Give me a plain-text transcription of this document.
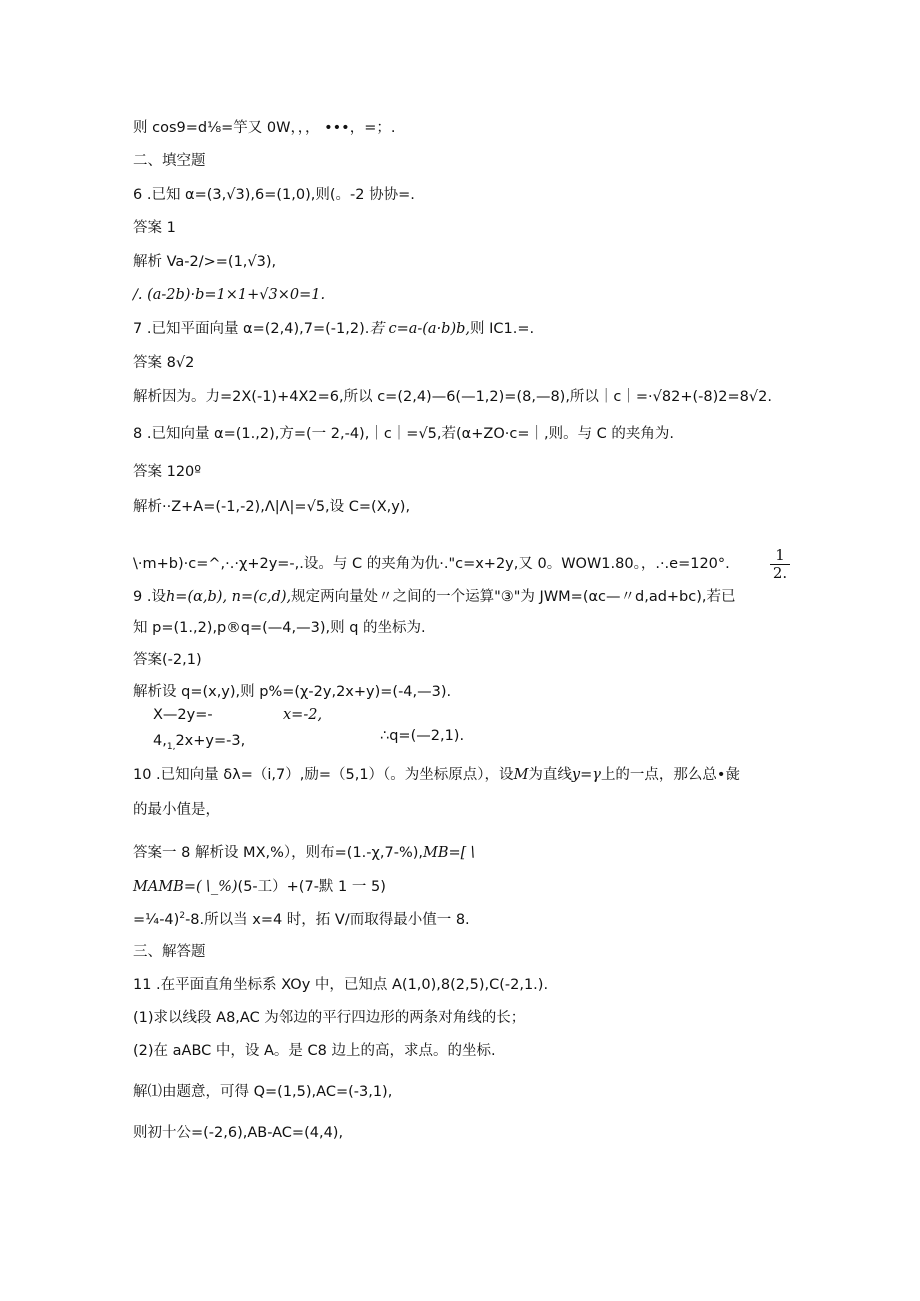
则 cos9=d⅛=竽又 0W，，， •••，=；.
二、填空题
6 .已知 α=(3,√3),6=(1,0),则(。-2 协协=.
答案 1
解析 Va-2∕>=(1,√3),
∕. (a-2b)·b=1×1+√3×0=1.
7 .已知平面向量 α=(2,4),7=(-1,2).若 c=a-(a·b)b,则 IC1.=.
答案 8√2
解析因为。力=2X(-1)+4X2=6,所以 c=(2,4)—6(—1,2)=(8,—8),所以｜c｜=·√82+(-8)2=8√2.
8 .已知向量 α=(1.,2),方=(一 2,-4),｜c｜=√5,若(α+ZO·c=｜,则。与 C 的夹角为.
答案 120º
解析··Z+A=(-1,-2),Λ|Λ|=√5,设 C=(X,y),
\·m+b)·c=^,·.·χ+2y=-,.设。与 C 的夹角为仇·."c=x+2y,又 0。WOW1.80。，.·.e=120°.	1
2.
9 .设h=(α,b), n=(c,d),规定两向量处〃之间的一个运算"③"为 JWM=(αc—〃d,ad+bc),若已
知 p=(1.,2),p®q=(—4,—3),则 q 的坐标为.
答案(-2,1)
解析设 q=(x,y),则 p%=(χ-2y,2x+y)=(-4,—3).
X—2y=-	x=-2,
$4,_{1,}2x+y=-3$,	∴q=(—2,1).
10 .已知向量 δλ=（i,7）,励=（5,1）（。为坐标原点），设M为直线y=γ上的一点，那么总•彘
的最小值是，
答案一 8 解析设 MX,%），则布=(1.-χ,7-%),MB=[∖
MAMB=(∖_%)(5-工）+(7-默 1 一 5)
=¼-4)$^2$-8.所以当 x=4 时，拓 V/而取得最小值一 8.
三、解答题
11 .在平面直角坐标系 XOy 中，已知点 A(1,0),8(2,5),C(-2,1.).
(1)求以线段 A8,AC 为邻边的平行四边形的两条对角线的长；
(2)在 aABC 中，设 A。是 C8 边上的高，求点。的坐标.
解⑴由题意，可得 Q=(1,5),AC=(-3,1),
则初十公=(-2,6),AB-AC=(4,4),
